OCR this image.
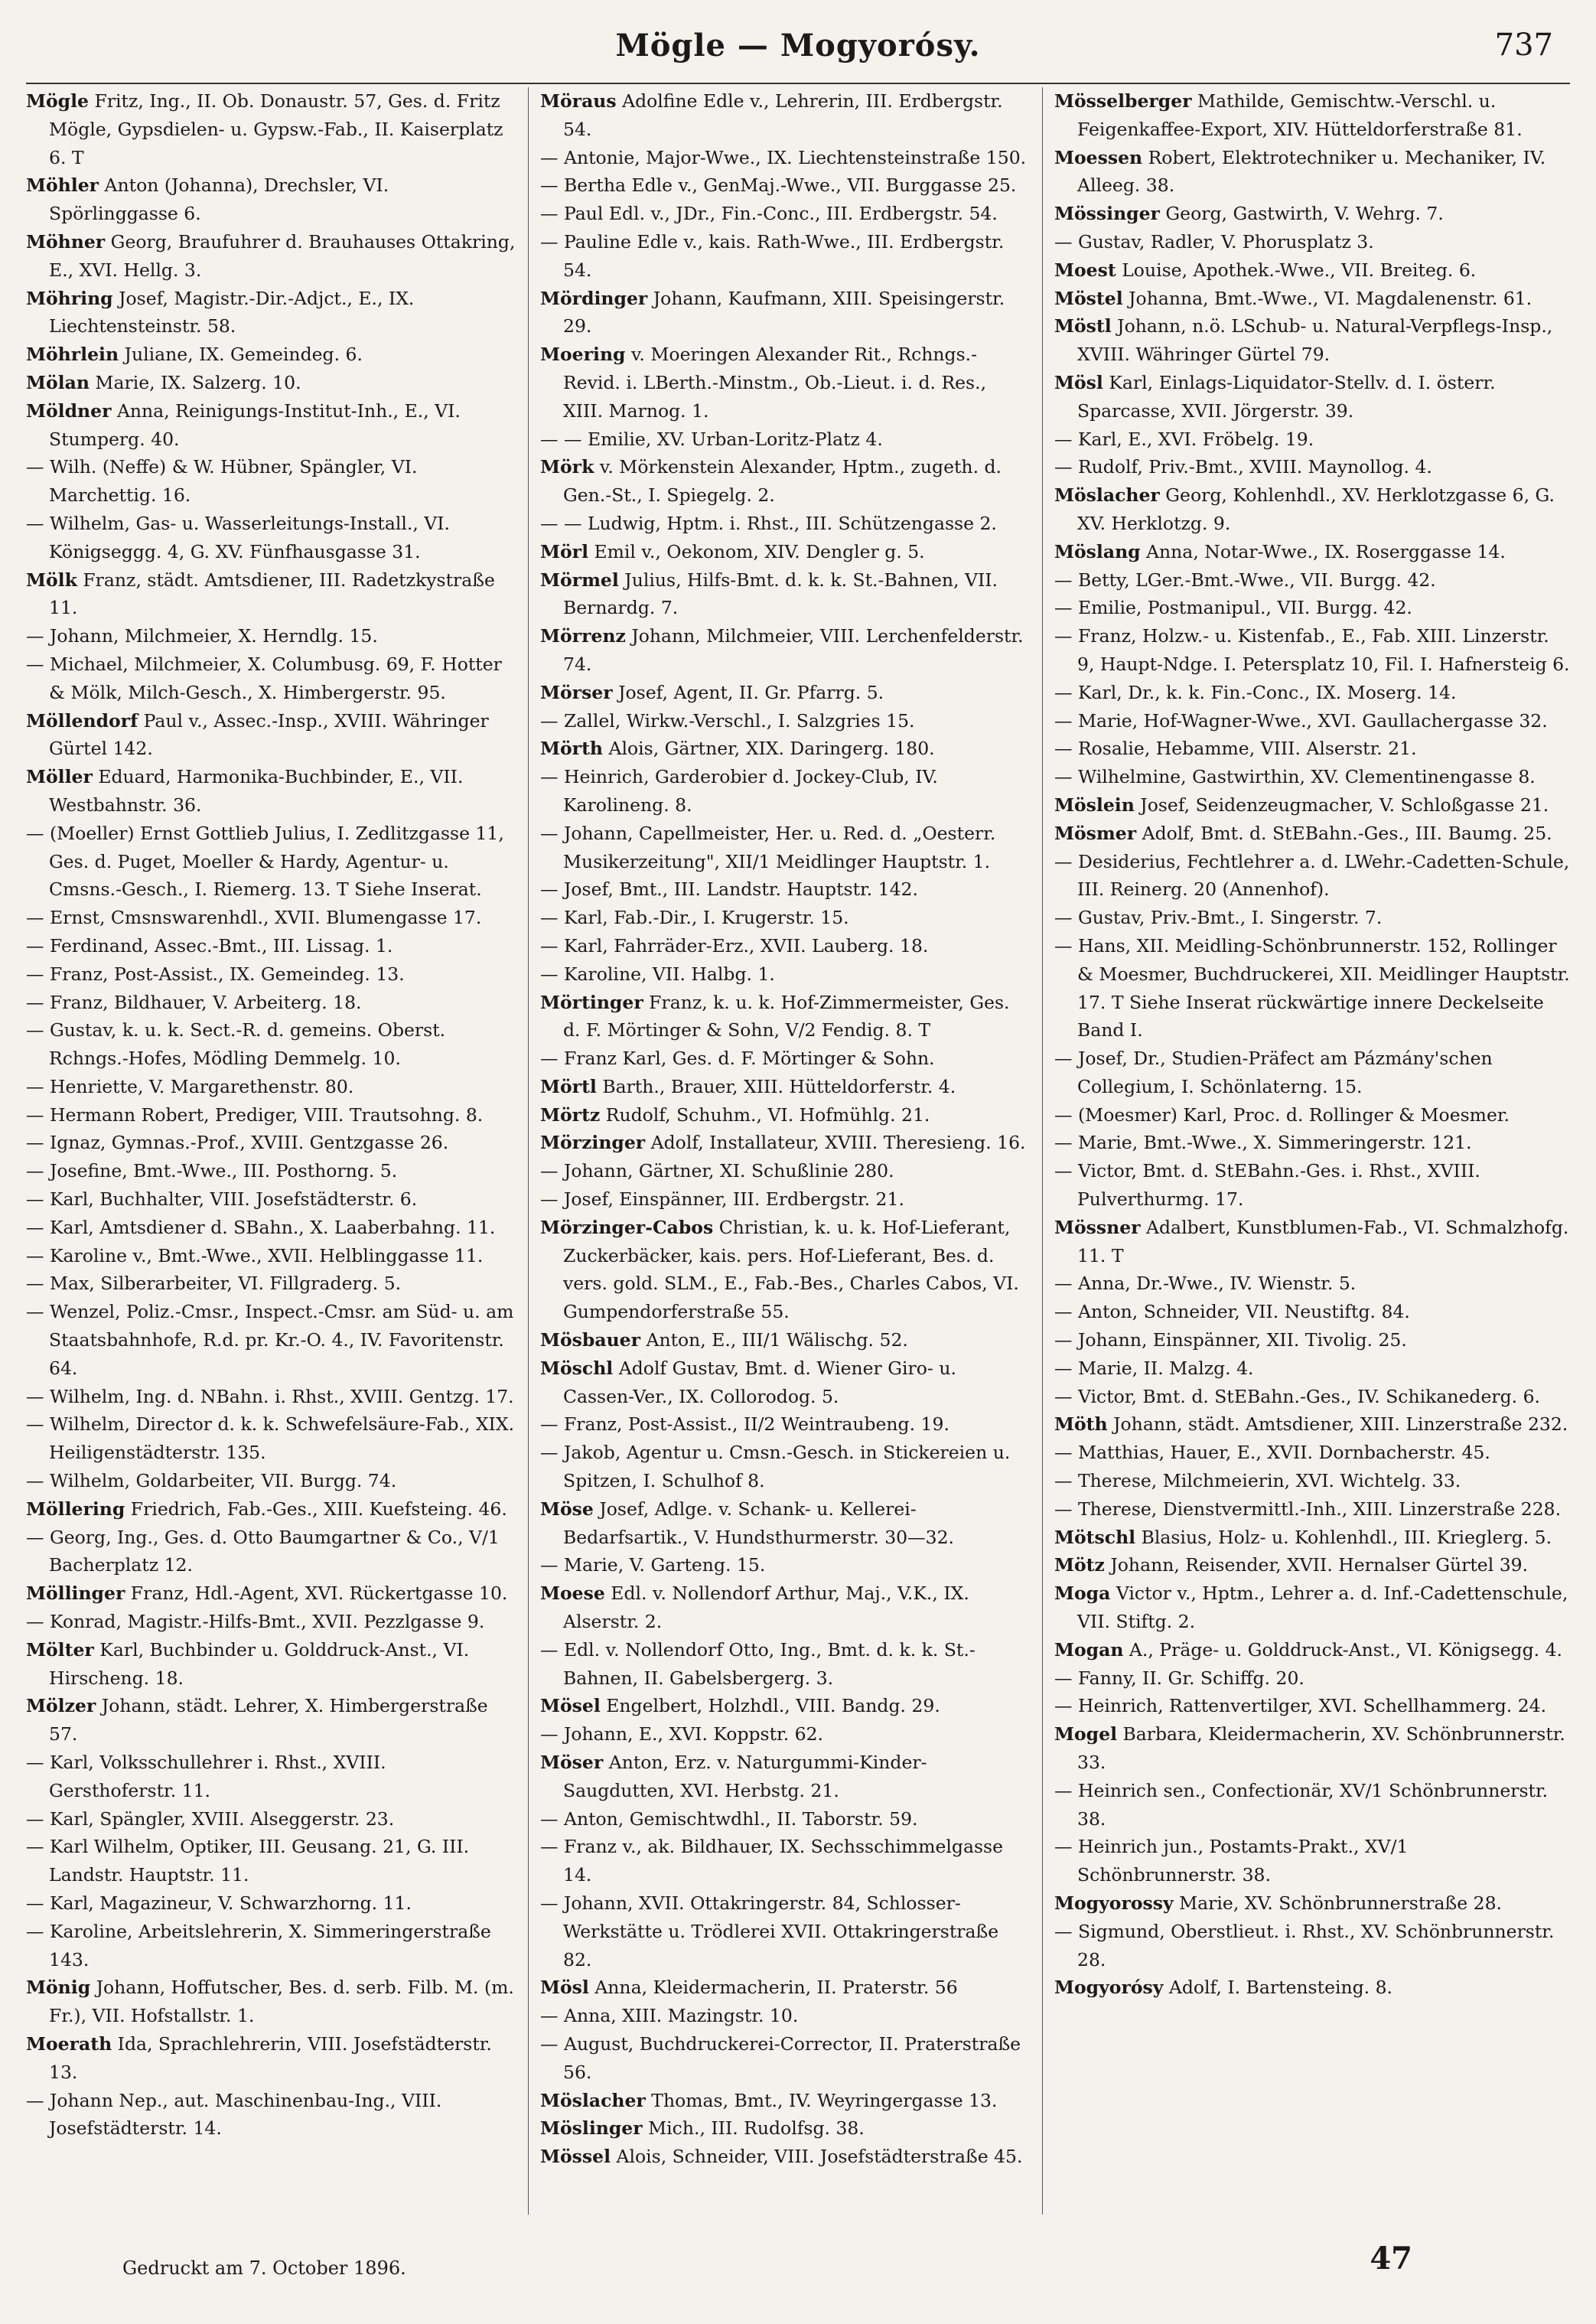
Mögle — Mogyorósy.	737
Mögle Fritz, Ing., II. Ob. Donaustr. 57, Ges. d. Fritz Mögle, Gypsdielen- u. Gypsw.-Fab., II. Kaiserplatz 6. T
Möhler Anton (Johanna), Drechsler, VI. Spörlinggasse 6.
Möhner Georg, Braufuhrer d. Brauhauses Ottakring, E., XVI. Hellg. 3.
Möhring Josef, Magistr.-Dir.-Adjct., E., IX. Liechtensteinstr. 58.
Möhrlein Juliane, IX. Gemeindeg. 6.
Mölan Marie, IX. Salzerg. 10.
Möldner Anna, Reinigungs-Institut-Inh., E., VI. Stumperg. 40.
— Wilh. (Neffe) & W. Hübner, Spängler, VI. Marchettig. 16.
— Wilhelm, Gas- u. Wasserleitungs-Install., VI. Königseggg. 4, G. XV. Fünfhausgasse 31.
Mölk Franz, städt. Amtsdiener, III. Radetzkystraße 11.
— Johann, Milchmeier, X. Herndlg. 15.
— Michael, Milchmeier, X. Columbusg. 69, F. Hotter & Mölk, Milch-Gesch., X. Himbergerstr. 95.
Möllendorf Paul v., Assec.-Insp., XVIII. Währinger Gürtel 142.
Möller Eduard, Harmonika-Buchbinder, E., VII. Westbahnstr. 36.
— (Moeller) Ernst Gottlieb Julius, I. Zedlitzgasse 11, Ges. d. Puget, Moeller & Hardy, Agentur- u. Cmsns.-Gesch., I. Riemerg. 13. T Siehe Inserat.
— Ernst, Cmsnswarenhdl., XVII. Blumengasse 17.
— Ferdinand, Assec.-Bmt., III. Lissag. 1.
— Franz, Post-Assist., IX. Gemeindeg. 13.
— Franz, Bildhauer, V. Arbeiterg. 18.
— Gustav, k. u. k. Sect.-R. d. gemeins. Oberst. Rchngs.-Hofes, Mödling Demmelg. 10.
— Henriette, V. Margarethenstr. 80.
— Hermann Robert, Prediger, VIII. Trautsohng. 8.
— Ignaz, Gymnas.-Prof., XVIII. Gentzgasse 26.
— Josefine, Bmt.-Wwe., III. Posthorng. 5.
— Karl, Buchhalter, VIII. Josefstädterstr. 6.
— Karl, Amtsdiener d. SBahn., X. Laaberbahng. 11.
— Karoline v., Bmt.-Wwe., XVII. Helblinggasse 11.
— Max, Silberarbeiter, VI. Fillgraderg. 5.
— Wenzel, Poliz.-Cmsr., Inspect.-Cmsr. am Süd- u. am Staatsbahnhofe, R.d. pr. Kr.-O. 4., IV. Favoritenstr. 64.
— Wilhelm, Ing. d. NBahn. i. Rhst., XVIII. Gentzg. 17.
— Wilhelm, Director d. k. k. Schwefelsäure-Fab., XIX. Heiligenstädterstr. 135.
— Wilhelm, Goldarbeiter, VII. Burgg. 74.
Möllering Friedrich, Fab.-Ges., XIII. Kuefsteing. 46.
— Georg, Ing., Ges. d. Otto Baumgartner & Co., V/1 Bacherplatz 12.
Möllinger Franz, Hdl.-Agent, XVI. Rückertgasse 10.
— Konrad, Magistr.-Hilfs-Bmt., XVII. Pezzlgasse 9.
Mölter Karl, Buchbinder u. Golddruck-Anst., VI. Hirscheng. 18.
Mölzer Johann, städt. Lehrer, X. Himbergerstraße 57.
— Karl, Volksschullehrer i. Rhst., XVIII. Gersthoferstr. 11.
— Karl, Spängler, XVIII. Alseggerstr. 23.
— Karl Wilhelm, Optiker, III. Geusang. 21, G. III. Landstr. Hauptstr. 11.
— Karl, Magazineur, V. Schwarzhorng. 11.
— Karoline, Arbeitslehrerin, X. Simmeringerstraße 143.
Mönig Johann, Hoffutscher, Bes. d. serb. Filb. M. (m. Fr.), VII. Hofstallstr. 1.
Moerath Ida, Sprachlehrerin, VIII. Josefstädterstr. 13.
— Johann Nep., aut. Maschinenbau-Ing., VIII. Josefstädterstr. 14.
Möraus Adolfine Edle v., Lehrerin, III. Erdbergstr. 54.
— Antonie, Major-Wwe., IX. Liechtensteinstraße 150.
— Bertha Edle v., GenMaj.-Wwe., VII. Burggasse 25.
— Paul Edl. v., JDr., Fin.-Conc., III. Erdbergstr. 54.
— Pauline Edle v., kais. Rath-Wwe., III. Erdbergstr. 54.
Mördinger Johann, Kaufmann, XIII. Speisingerstr. 29.
Moering v. Moeringen Alexander Rit., Rchngs.-Revid. i. LBerth.-Minstm., Ob.-Lieut. i. d. Res., XIII. Marnog. 1.
— — Emilie, XV. Urban-Loritz-Platz 4.
Mörk v. Mörkenstein Alexander, Hptm., zugeth. d. Gen.-St., I. Spiegelg. 2.
— — Ludwig, Hptm. i. Rhst., III. Schützengasse 2.
Mörl Emil v., Oekonom, XIV. Dengler g. 5.
Mörmel Julius, Hilfs-Bmt. d. k. k. St.-Bahnen, VII. Bernardg. 7.
Mörrenz Johann, Milchmeier, VIII. Lerchenfelderstr. 74.
Mörser Josef, Agent, II. Gr. Pfarrg. 5.
— Zallel, Wirkw.-Verschl., I. Salzgries 15.
Mörth Alois, Gärtner, XIX. Daringerg. 180.
— Heinrich, Garderobier d. Jockey-Club, IV. Karolineng. 8.
— Johann, Capellmeister, Her. u. Red. d. „Oesterr. Musikerzeitung", XII/1 Meidlinger Hauptstr. 1.
— Josef, Bmt., III. Landstr. Hauptstr. 142.
— Karl, Fab.-Dir., I. Krugerstr. 15.
— Karl, Fahrräder-Erz., XVII. Lauberg. 18.
— Karoline, VII. Halbg. 1.
Mörtinger Franz, k. u. k. Hof-Zimmermeister, Ges. d. F. Mörtinger & Sohn, V/2 Fendig. 8. T
— Franz Karl, Ges. d. F. Mörtinger & Sohn.
Mörtl Barth., Brauer, XIII. Hütteldorferstr. 4.
Mörtz Rudolf, Schuhm., VI. Hofmühlg. 21.
Mörzinger Adolf, Installateur, XVIII. Theresieng. 16.
— Johann, Gärtner, XI. Schußlinie 280.
— Josef, Einspänner, III. Erdbergstr. 21.
Mörzinger-Cabos Christian, k. u. k. Hof-Lieferant, Zuckerbäcker, kais. pers. Hof-Lieferant, Bes. d. vers. gold. SLM., E., Fab.-Bes., Charles Cabos, VI. Gumpendorferstraße 55.
Mösbauer Anton, E., III/1 Wälischg. 52.
Möschl Adolf Gustav, Bmt. d. Wiener Giro- u. Cassen-Ver., IX. Collorodog. 5.
— Franz, Post-Assist., II/2 Weintraubeng. 19.
— Jakob, Agentur u. Cmsn.-Gesch. in Stickereien u. Spitzen, I. Schulhof 8.
Möse Josef, Adlge. v. Schank- u. Kellerei-Bedarfsartik., V. Hundsthurmerstr. 30—32.
— Marie, V. Garteng. 15.
Moese Edl. v. Nollendorf Arthur, Maj., V.K., IX. Alserstr. 2.
— Edl. v. Nollendorf Otto, Ing., Bmt. d. k. k. St.-Bahnen, II. Gabelsbergerg. 3.
Mösel Engelbert, Holzhdl., VIII. Bandg. 29.
— Johann, E., XVI. Koppstr. 62.
Möser Anton, Erz. v. Naturgummi-Kinder-Saugdutten, XVI. Herbstg. 21.
— Anton, Gemischtwdhl., II. Taborstr. 59.
— Franz v., ak. Bildhauer, IX. Sechsschimmelgasse 14.
— Johann, XVII. Ottakringerstr. 84, Schlosser-Werkstätte u. Trödlerei XVII. Ottakringerstraße 82.
Mösl Anna, Kleidermacherin, II. Praterstr. 56
— Anna, XIII. Mazingstr. 10.
— August, Buchdruckerei-Corrector, II. Praterstraße 56.
Möslacher Thomas, Bmt., IV. Weyringergasse 13.
Möslinger Mich., III. Rudolfsg. 38.
Mössel Alois, Schneider, VIII. Josefstädterstraße 45.
Mösselberger Mathilde, Gemischtw.-Verschl. u. Feigenkaffee-Export, XIV. Hütteldorferstraße 81.
Moessen Robert, Elektrotechniker u. Mechaniker, IV. Alleeg. 38.
Mössinger Georg, Gastwirth, V. Wehrg. 7.
— Gustav, Radler, V. Phorusplatz 3.
Moest Louise, Apothek.-Wwe., VII. Breiteg. 6.
Möstel Johanna, Bmt.-Wwe., VI. Magdalenenstr. 61.
Möstl Johann, n.ö. LSchub- u. Natural-Verpflegs-Insp., XVIII. Währinger Gürtel 79.
Mösl Karl, Einlags-Liquidator-Stellv. d. I. österr. Sparcasse, XVII. Jörgerstr. 39.
— Karl, E., XVI. Fröbelg. 19.
— Rudolf, Priv.-Bmt., XVIII. Maynollog. 4.
Möslacher Georg, Kohlenhdl., XV. Herklotzgasse 6, G. XV. Herklotzg. 9.
Möslang Anna, Notar-Wwe., IX. Roserggasse 14.
— Betty, LGer.-Bmt.-Wwe., VII. Burgg. 42.
— Emilie, Postmanipul., VII. Burgg. 42.
— Franz, Holzw.- u. Kistenfab., E., Fab. XIII. Linzerstr. 9, Haupt-Ndge. I. Petersplatz 10, Fil. I. Hafnersteig 6.
— Karl, Dr., k. k. Fin.-Conc., IX. Moserg. 14.
— Marie, Hof-Wagner-Wwe., XVI. Gaullachergasse 32.
— Rosalie, Hebamme, VIII. Alserstr. 21.
— Wilhelmine, Gastwirthin, XV. Clementinengasse 8.
Möslein Josef, Seidenzeugmacher, V. Schloßgasse 21.
Mösmer Adolf, Bmt. d. StEBahn.-Ges., III. Baumg. 25.
— Desiderius, Fechtlehrer a. d. LWehr.-Cadetten-Schule, III. Reinerg. 20 (Annenhof).
— Gustav, Priv.-Bmt., I. Singerstr. 7.
— Hans, XII. Meidling-Schönbrunnerstr. 152, Rollinger & Moesmer, Buchdruckerei, XII. Meidlinger Hauptstr. 17. T Siehe Inserat rückwärtige innere Deckelseite Band I.
— Josef, Dr., Studien-Präfect am Pázmány'schen Collegium, I. Schönlaterng. 15.
— (Moesmer) Karl, Proc. d. Rollinger & Moesmer.
— Marie, Bmt.-Wwe., X. Simmeringerstr. 121.
— Victor, Bmt. d. StEBahn.-Ges. i. Rhst., XVIII. Pulverthurmg. 17.
Mössner Adalbert, Kunstblumen-Fab., VI. Schmalzhofg. 11. T
— Anna, Dr.-Wwe., IV. Wienstr. 5.
— Anton, Schneider, VII. Neustiftg. 84.
— Johann, Einspänner, XII. Tivolig. 25.
— Marie, II. Malzg. 4.
— Victor, Bmt. d. StEBahn.-Ges., IV. Schikanederg. 6.
Möth Johann, städt. Amtsdiener, XIII. Linzerstraße 232.
— Matthias, Hauer, E., XVII. Dornbacherstr. 45.
— Therese, Milchmeierin, XVI. Wichtelg. 33.
— Therese, Dienstvermittl.-Inh., XIII. Linzerstraße 228.
Mötschl Blasius, Holz- u. Kohlenhdl., III. Krieglerg. 5.
Mötz Johann, Reisender, XVII. Hernalser Gürtel 39.
Moga Victor v., Hptm., Lehrer a. d. Inf.-Cadettenschule, VII. Stiftg. 2.
Mogan A., Präge- u. Golddruck-Anst., VI. Königsegg. 4.
— Fanny, II. Gr. Schiffg. 20.
— Heinrich, Rattenvertilger, XVI. Schellhammerg. 24.
Mogel Barbara, Kleidermacherin, XV. Schönbrunnerstr. 33.
— Heinrich sen., Confectionär, XV/1 Schönbrunnerstr. 38.
— Heinrich jun., Postamts-Prakt., XV/1 Schönbrunnerstr. 38.
Mogyorossy Marie, XV. Schönbrunnerstraße 28.
— Sigmund, Oberstlieut. i. Rhst., XV. Schönbrunnerstr. 28.
Mogyorósy Adolf, I. Bartensteing. 8.
Gedruckt am 7. October 1896.	47
